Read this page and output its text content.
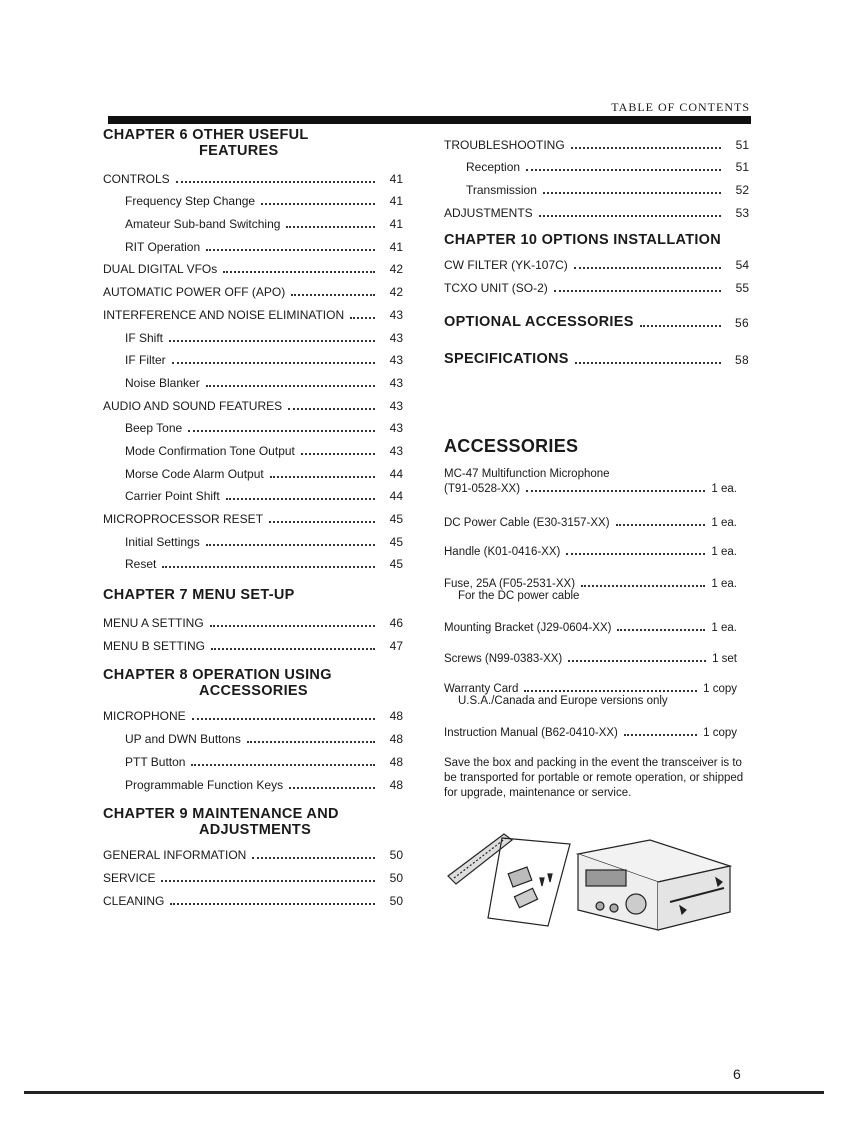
TABLE OF CONTENTS
CHAPTER 6 OTHER USEFUL
FEATURES
CONTROLS	41
Frequency Step Change	41
Amateur Sub-band Switching	41
RIT Operation	41
DUAL DIGITAL VFOs	42
AUTOMATIC POWER OFF (APO)	42
INTERFERENCE AND NOISE ELIMINATION	43
IF Shift	43
IF Filter	43
Noise Blanker	43
AUDIO AND SOUND FEATURES	43
Beep Tone	43
Mode Confirmation Tone Output	43
Morse Code Alarm Output	44
Carrier Point Shift	44
MICROPROCESSOR RESET	45
Initial Settings	45
Reset	45
CHAPTER 7 MENU SET-UP
MENU A SETTING	46
MENU B SETTING	47
CHAPTER 8 OPERATION USING
ACCESSORIES
MICROPHONE	48
UP and DWN Buttons	48
PTT Button	48
Programmable Function Keys	48
CHAPTER 9 MAINTENANCE AND
ADJUSTMENTS
GENERAL INFORMATION	50
SERVICE	50
CLEANING	50
TROUBLESHOOTING	51
Reception	51
Transmission	52
ADJUSTMENTS	53
CHAPTER 10 OPTIONS INSTALLATION
CW FILTER (YK-107C)	54
TCXO UNIT (SO-2)	55
OPTIONAL ACCESSORIES	56
SPECIFICATIONS	58
ACCESSORIES
Save the box and packing in the event the transceiver is to be transported for portable or remote operation, or shipped for upgrade, maintenance or service.
6
MC-47 Multifunction Microphone
(T91-0528-XX)	1 ea.
DC Power Cable (E30-3157-XX)	1 ea.
Handle (K01-0416-XX)	1 ea.
Fuse, 25A (F05-2531-XX)	1 ea.
For the DC power cable
Mounting Bracket (J29-0604-XX)	1 ea.
Screws (N99-0383-XX)	1 set
Warranty Card	1 copy
U.S.A./Canada and Europe versions only
Instruction Manual (B62-0410-XX)	1 copy
